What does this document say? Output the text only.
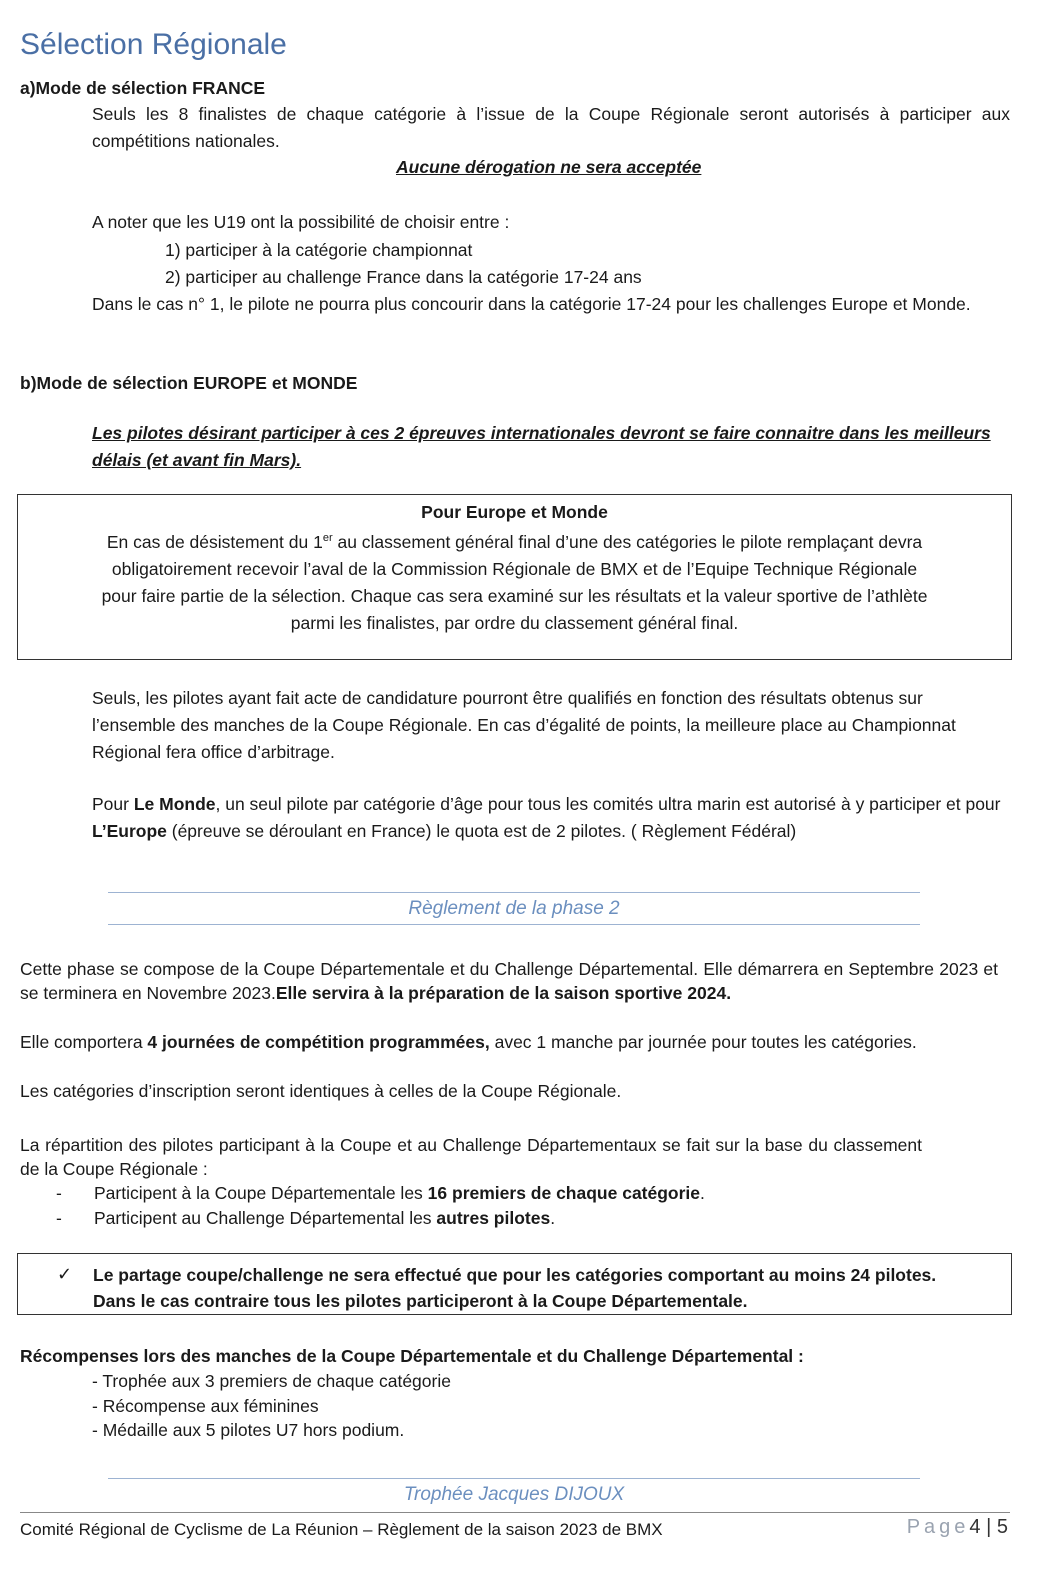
Sélection Régionale
a)Mode de sélection FRANCE
Seuls les 8 finalistes de chaque catégorie à l’issue de la Coupe Régionale seront autorisés à participer aux compétitions nationales.
Aucune dérogation ne sera acceptée
A noter que les U19 ont la possibilité de choisir entre :
1) participer à la catégorie championnat
2) participer au challenge France dans la catégorie 17-24 ans
Dans le cas n° 1, le pilote ne pourra plus concourir dans la catégorie 17-24 pour les challenges Europe et Monde.
b)Mode de sélection EUROPE et MONDE
Les pilotes désirant participer à ces 2 épreuves internationales devront se faire connaitre dans les meilleurs délais (et avant fin Mars).
Pour Europe et Monde
En cas de désistement du 1er au classement général final d’une des catégories le pilote remplaçant devra obligatoirement recevoir l’aval de la Commission Régionale de BMX et de l’Equipe Technique Régionale pour faire partie de la sélection. Chaque cas sera examiné sur les résultats et la valeur sportive de l’athlète parmi les finalistes, par ordre du classement général final.
Seuls, les pilotes ayant fait acte de candidature pourront être qualifiés en fonction des résultats obtenus sur l’ensemble des manches de la Coupe Régionale. En cas d’égalité de points, la meilleure place au Championnat Régional fera office d’arbitrage.
Pour Le Monde, un seul pilote par catégorie d’âge pour tous les comités ultra marin est autorisé à y participer et pour L’Europe (épreuve se déroulant en France) le quota est de 2 pilotes. ( Règlement Fédéral)
Règlement de la phase 2
Cette phase se compose de la Coupe Départementale et du Challenge Départemental. Elle démarrera en Septembre 2023 et se terminera en Novembre 2023.Elle servira à la préparation de la saison sportive 2024.
Elle comportera 4 journées de compétition programmées, avec 1 manche par journée pour toutes les catégories.
Les catégories d’inscription seront identiques à celles de la Coupe Régionale.
La répartition des pilotes participant à la Coupe et au Challenge Départementaux se fait sur la base du classement de la Coupe Régionale :
- Participent à la Coupe Départementale les 16 premiers de chaque catégorie.
- Participent au Challenge Départemental les autres pilotes.
✓ Le partage coupe/challenge ne sera effectué que pour les catégories comportant au moins 24 pilotes. Dans le cas contraire tous les pilotes participeront à la Coupe Départementale.
Récompenses lors des manches de la Coupe Départementale et du Challenge Départemental :
- Trophée aux 3 premiers de chaque catégorie
- Récompense aux féminines
- Médaille aux 5 pilotes U7 hors podium.
Trophée Jacques DIJOUX
Comité Régional de Cyclisme de La Réunion – Règlement de la saison 2023 de BMX	Page4 | 5
